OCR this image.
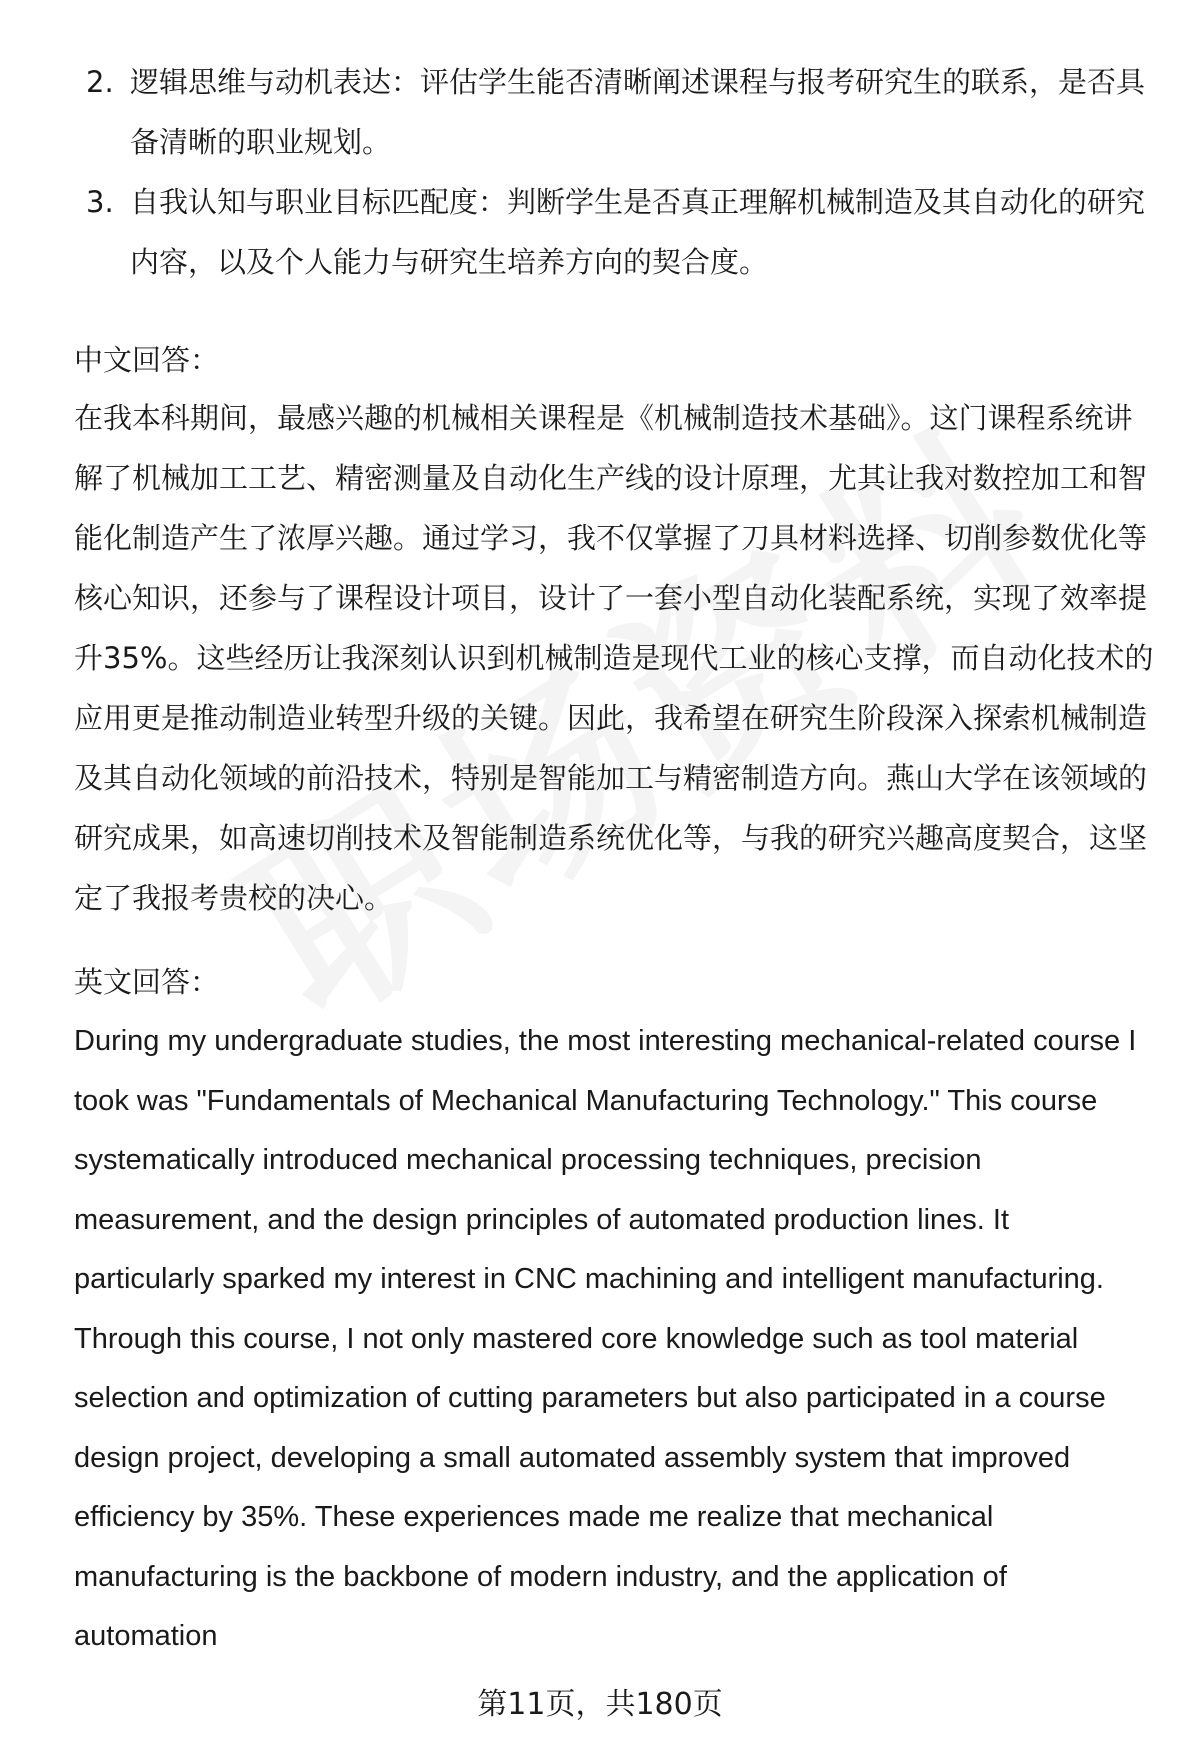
2. 逻辑思维与动机表达：评估学生能否清晰阐述课程与报考研究生的联系，是否具备清晰的职业规划。
3. 自我认知与职业目标匹配度：判断学生是否真正理解机械制造及其自动化的研究内容，以及个人能力与研究生培养方向的契合度。
中文回答：
在我本科期间，最感兴趣的机械相关课程是《机械制造技术基础》。这门课程系统讲解了机械加工工艺、精密测量及自动化生产线的设计原理，尤其让我对数控加工和智能化制造产生了浓厚兴趣。通过学习，我不仅掌握了刀具材料选择、切削参数优化等核心知识，还参与了课程设计项目，设计了一套小型自动化装配系统，实现了效率提升35%。这些经历让我深刻认识到机械制造是现代工业的核心支撑，而自动化技术的应用更是推动制造业转型升级的关键。因此，我希望在研究生阶段深入探索机械制造及其自动化领域的前沿技术，特别是智能加工与精密制造方向。燕山大学在该领域的研究成果，如高速切削技术及智能制造系统优化等，与我的研究兴趣高度契合，这坚定了我报考贵校的决心。
英文回答：
During my undergraduate studies, the most interesting mechanical-related course I took was "Fundamentals of Mechanical Manufacturing Technology." This course systematically introduced mechanical processing techniques, precision measurement, and the design principles of automated production lines. It particularly sparked my interest in CNC machining and intelligent manufacturing. Through this course, I not only mastered core knowledge such as tool material selection and optimization of cutting parameters but also participated in a course design project, developing a small automated assembly system that improved efficiency by 35%. These experiences made me realize that mechanical manufacturing is the backbone of modern industry, and the application of automation
第11页，共180页
